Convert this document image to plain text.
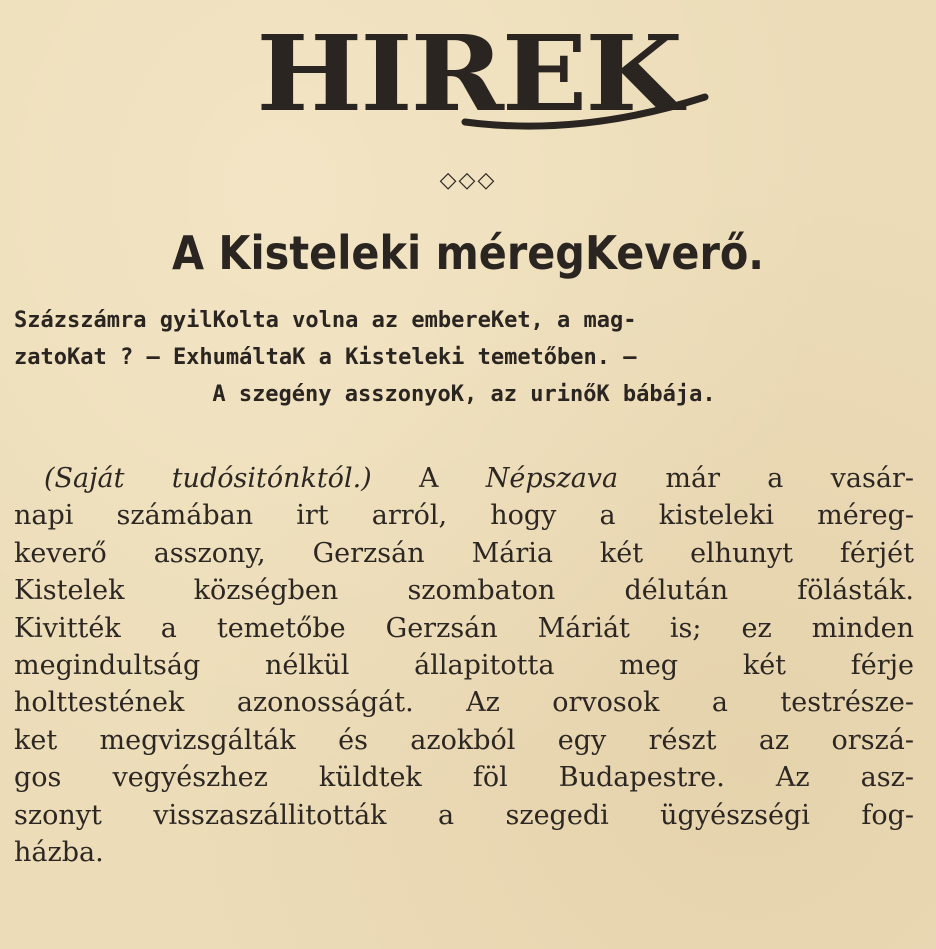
HIREK
◇◇◇
A Kisteleki méregKeverő.
Százszámra gyilKolta volna az embereKet, a mag-
zatoKat ? — ExhumáltaK a Kisteleki temetőben. —
A szegény asszonyoK, az urinőK bábája.
(Saját tudósitónktól.) A Népszava már a vasár-
napi számában irt arról, hogy a kisteleki méreg-
keverő asszony, Gerzsán Mária két elhunyt férjét
Kistelek községben szombaton délután fölásták.
Kivitték a temetőbe Gerzsán Máriát is; ez minden
megindultság nélkül állapitotta meg két férje
holttestének azonosságát. Az orvosok a testrésze-
ket megvizsgálták és azokból egy részt az orszá-
gos vegyészhez küldtek föl Budapestre. Az asz-
szonyt visszaszállitották a szegedi ügyészségi fog-
házba.
